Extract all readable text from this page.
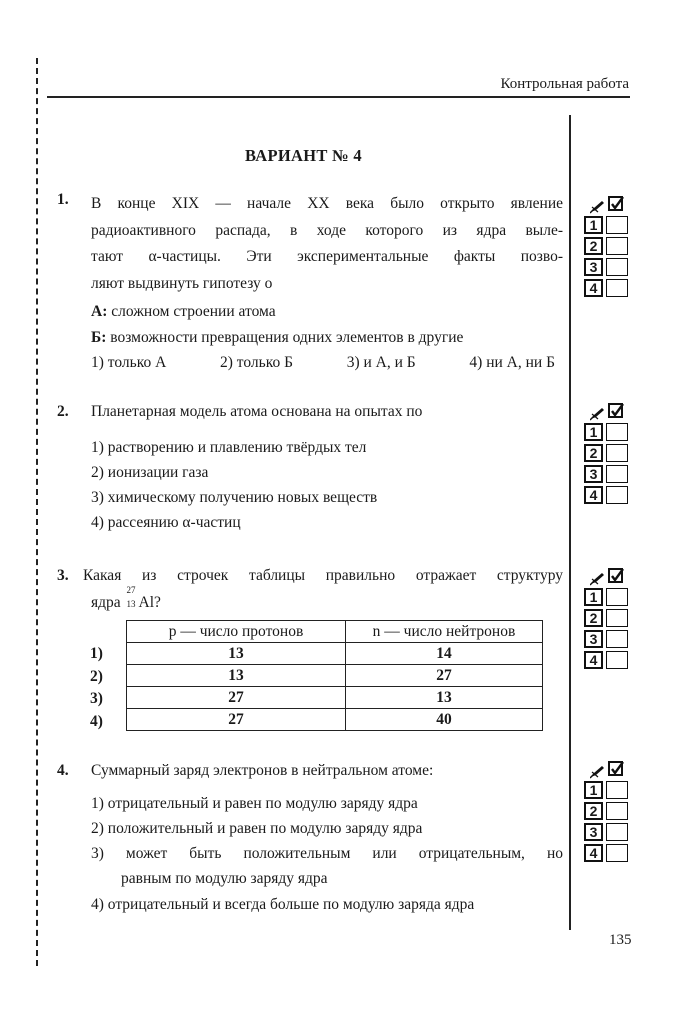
Контрольная работа
ВАРИАНТ № 4
1. В конце XIX — начале XX века было открыто явление
радиоактивного распада, в ходе которого из ядра выле-
тают α-частицы. Эти экспериментальные факты позво-
ляют выдвинуть гипотезу о
А: сложном строении атома
Б: возможности превращения одних элементов в другие
1) только А	2) только Б	3) и А, и Б	4) ни А, ни Б
2. Планетарная модель атома основана на опытах по
1) растворению и плавлению твёрдых тел
2) ионизации газа
3) химическому получению новых веществ
4) рассеянию α-частиц
3. Какая из строчек таблицы правильно отражает структуру
ядра
27
13 Al?
p — число протонов	n — число нейтронов
13	14
13	27
27	13
27	40
1)
2)
3)
4)
4. Суммарный заряд электронов в нейтральном атоме:
1) отрицательный и равен по модулю заряду ядра
2) положительный и равен по модулю заряду ядра
3) может быть положительным или отрицательным, но
равным по модулю заряду ядра
4) отрицательный и всегда больше по модулю заряда ядра
1
2
3
4
1
2
3
4
1
2
3
4
1
2
3
4
135
